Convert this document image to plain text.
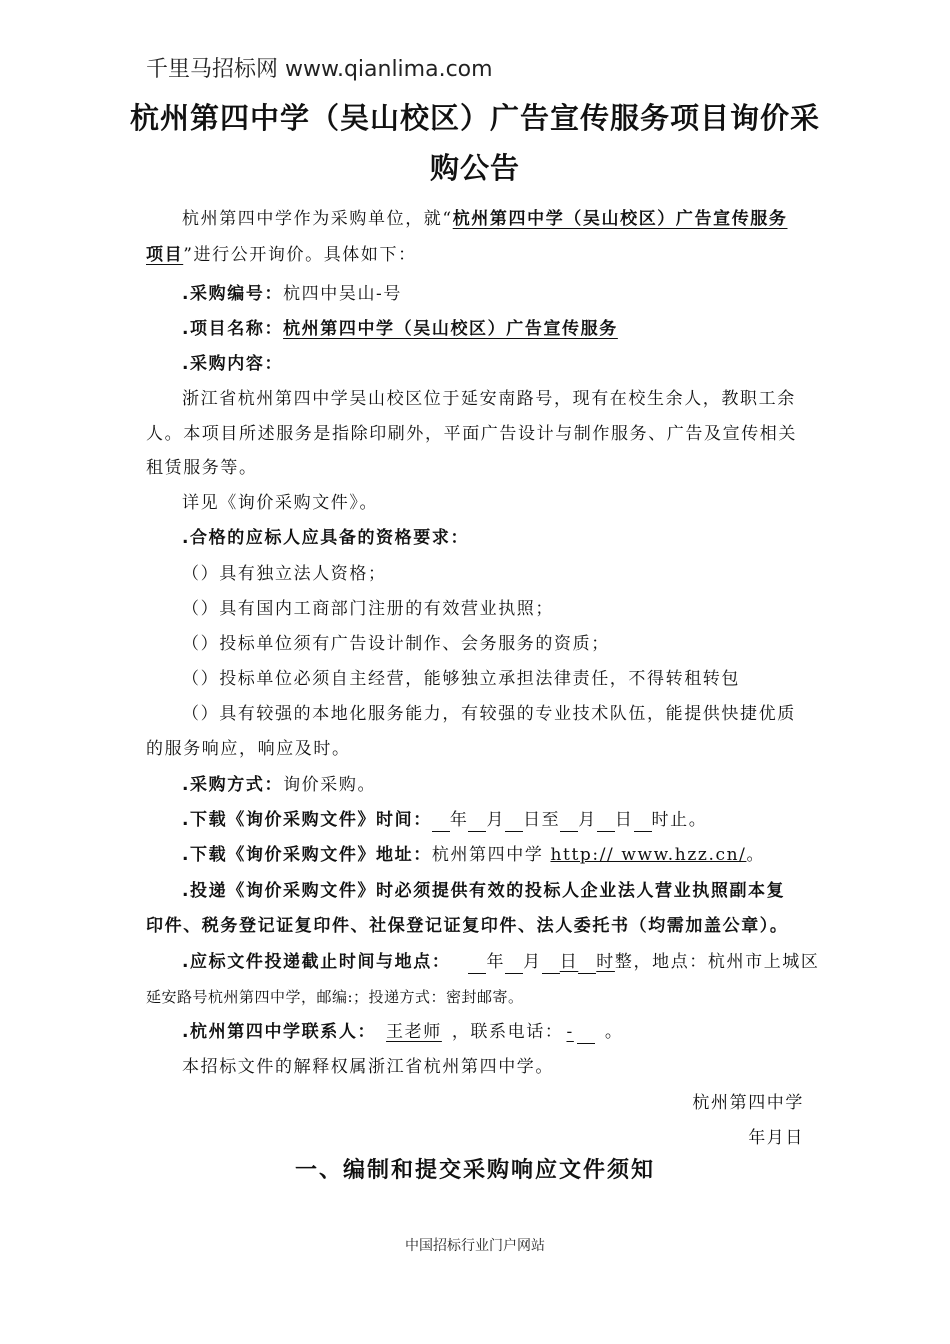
千里马招标网 www.qianlima.com
杭州第四中学（吴山校区）广告宣传服务项目询价采
购公告
杭州第四中学作为采购单位，就“杭州第四中学（吴山校区）广告宣传服务
项目”进行公开询价。具体如下：
.采购编号：杭四中吴山-号
.项目名称：杭州第四中学（吴山校区）广告宣传服务
.采购内容：
浙江省杭州第四中学吴山校区位于延安南路号，现有在校生余人，教职工余
人。本项目所述服务是指除印刷外，平面广告设计与制作服务、广告及宣传相关
租赁服务等。
详见《询价采购文件》。
.合格的应标人应具备的资格要求：
（）具有独立法人资格；
（）具有国内工商部门注册的有效营业执照；
（）投标单位须有广告设计制作、会务服务的资质；
（）投标单位必须自主经营，能够独立承担法律责任，不得转租转包
（）具有较强的本地化服务能力，有较强的专业技术队伍，能提供快捷优质
的服务响应，响应及时。
.采购方式：询价采购。
.下载《询价采购文件》时间： 年 月 日至 月 日 时止。
.下载《询价采购文件》地址：杭州第四中学 http:// www.hzz.cn/。
.投递《询价采购文件》时必须提供有效的投标人企业法人营业执照副本复
印件、税务登记证复印件、社保登记证复印件、法人委托书（均需加盖公章）。
.应标文件投递截止时间与地点： 年 月 日 时整，地点：杭州市上城区
延安路号杭州第四中学，邮编:；投递方式：密封邮寄。
.杭州第四中学联系人： 王老师 ，联系电话： - 。
本招标文件的解释权属浙江省杭州第四中学。
杭州第四中学
年月日
一、编制和提交采购响应文件须知
中国招标行业门户网站
